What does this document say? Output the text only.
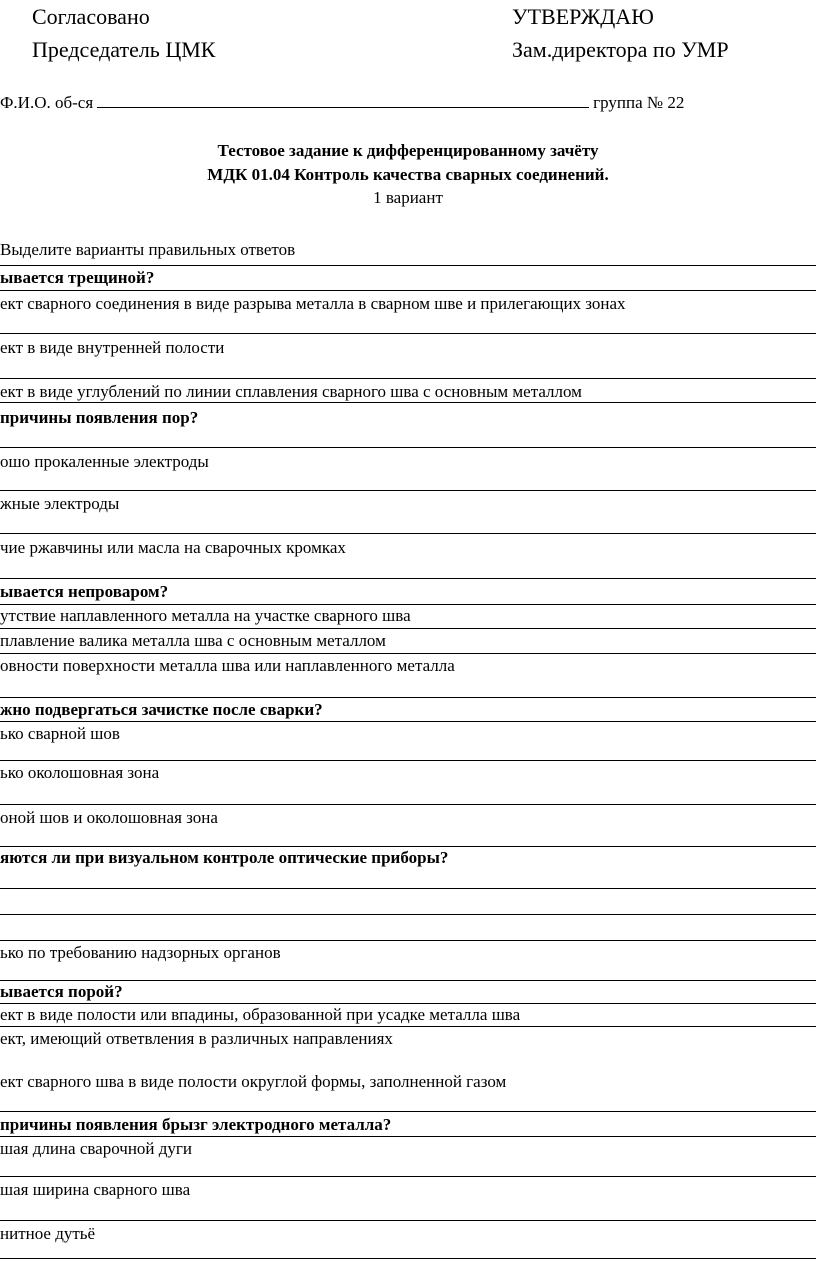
Согласовано
Председатель ЦМК
УТВЕРЖДАЮ
Зам.директора по УМР
Ф.И.О. об-ся	группа № 22
Тестовое задание к дифференцированному зачёту
МДК 01.04 Контроль качества сварных соединений.
1 вариант
Выделите варианты правильных ответов
ывается трещиной?
ект сварного соединения в виде разрыва металла в сварном шве и прилегающих зонах
ект в виде внутренней полости
ект в виде углублений по линии сплавления сварного шва с основным металлом
причины появления пор?
ошо прокаленные электроды
жные электроды
чие ржавчины или масла на сварочных кромках
ывается непроваром?
утствие наплавленного металла на участке сварного шва
плавление валика металла шва с основным металлом
овности поверхности металла шва или наплавленного металла
жно подвергаться зачистке после сварки?
ько сварной шов
ько околошовная зона
оной шов и околошовная зона
яются ли при визуальном контроле оптические приборы?
ько по требованию надзорных органов
ывается порой?
ект в виде полости или впадины, образованной при усадке металла шва
ект, имеющий ответвления в различных направлениях
ект сварного шва в виде полости округлой формы, заполненной газом
причины появления брызг электродного металла?
шая длина сварочной дуги
шая ширина сварного шва
нитное дутьё
